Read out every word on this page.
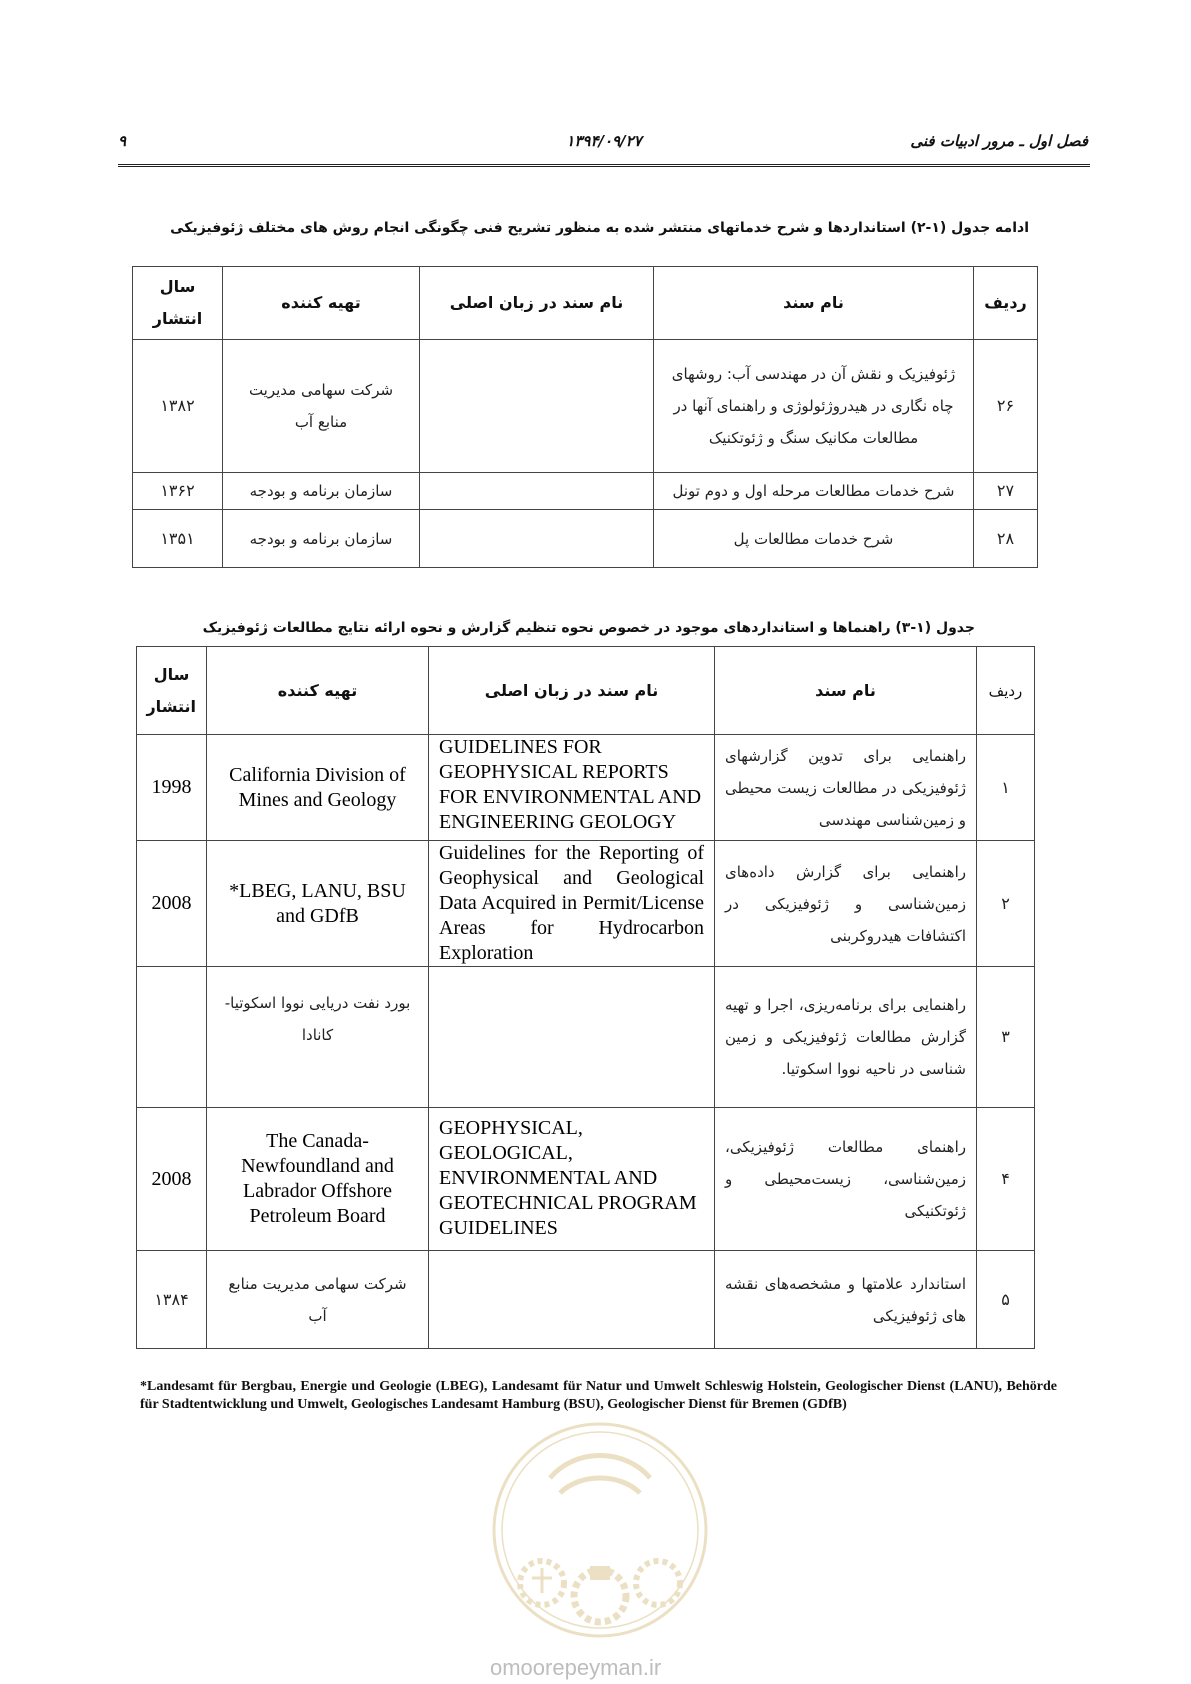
فصل اول ـ مرور ادبیات فنی
۱۳۹۴/۰۹/۲۷
۹
ادامه جدول (۱-۲) استانداردها و شرح خدماتهای منتشر شده به منظور تشریح فنی چگونگی انجام روش های مختلف ژئوفیزیکی
ردیف	نام سند	نام سند در زبان اصلی	تهیه کننده	سال انتشار
۲۶	ژئوفیزیک و نقش آن در مهندسی آب: روشهای چاه نگاری در هیدروژئولوژی و راهنمای آنها در مطالعات مکانیک سنگ و ژئوتکنیک		شرکت سهامی مدیریت منابع آب	۱۳۸۲
۲۷	شرح خدمات مطالعات مرحله اول و دوم تونل		سازمان برنامه و بودجه	۱۳۶۲
۲۸	شرح خدمات مطالعات پل		سازمان برنامه و بودجه	۱۳۵۱
جدول (۱-۳) راهنماها و استانداردهای موجود در خصوص نحوه تنظیم گزارش و نحوه ارائه نتایج مطالعات ژئوفیزیک
ردیف	نام سند	نام سند در زبان اصلی	تهیه کننده	سال انتشار
۱	راهنمایی برای تدوین گزارشهای ژئوفیزیکی در مطالعات زیست محیطی و زمین‌شناسی مهندسی	GUIDELINES FOR GEOPHYSICAL REPORTS FOR ENVIRONMENTAL AND ENGINEERING GEOLOGY	California Division of Mines and Geology	1998
۲	راهنمایی برای گزارش داده‌های زمین‌شناسی و ژئوفیزیکی در اکتشافات هیدروکربنی	Guidelines for the Reporting of Geophysical and Geological Data Acquired in Permit/License Areas for Hydrocarbon Exploration	*LBEG, LANU, BSU and GDfB	2008
۳	راهنمایی برای برنامه‌ریزی، اجرا و تهیه گزارش مطالعات ژئوفیزیکی و زمین شناسی در ناحیه نووا اسکوتیا.		بورد نفت دریایی نووا اسکوتیا- کانادا	
۴	راهنمای مطالعات ژئوفیزیکی، زمین‌شناسی، زیست‌محیطی و ژئوتکنیکی	GEOPHYSICAL, GEOLOGICAL, ENVIRONMENTAL AND GEOTECHNICAL PROGRAM GUIDELINES	The Canada-Newfoundland and Labrador Offshore Petroleum Board	2008
۵	استاندارد علامتها و مشخصه‌های نقشه های ژئوفیزیکی		شرکت سهامی مدیریت منابع آب	۱۳۸۴
*Landesamt für Bergbau, Energie und Geologie (LBEG), Landesamt für Natur und Umwelt Schleswig Holstein, Geologischer Dienst (LANU), Behörde für Stadtentwicklung und Umwelt, Geologisches Landesamt Hamburg (BSU), Geologischer Dienst für Bremen (GDfB)
omoorepeyman.ir
